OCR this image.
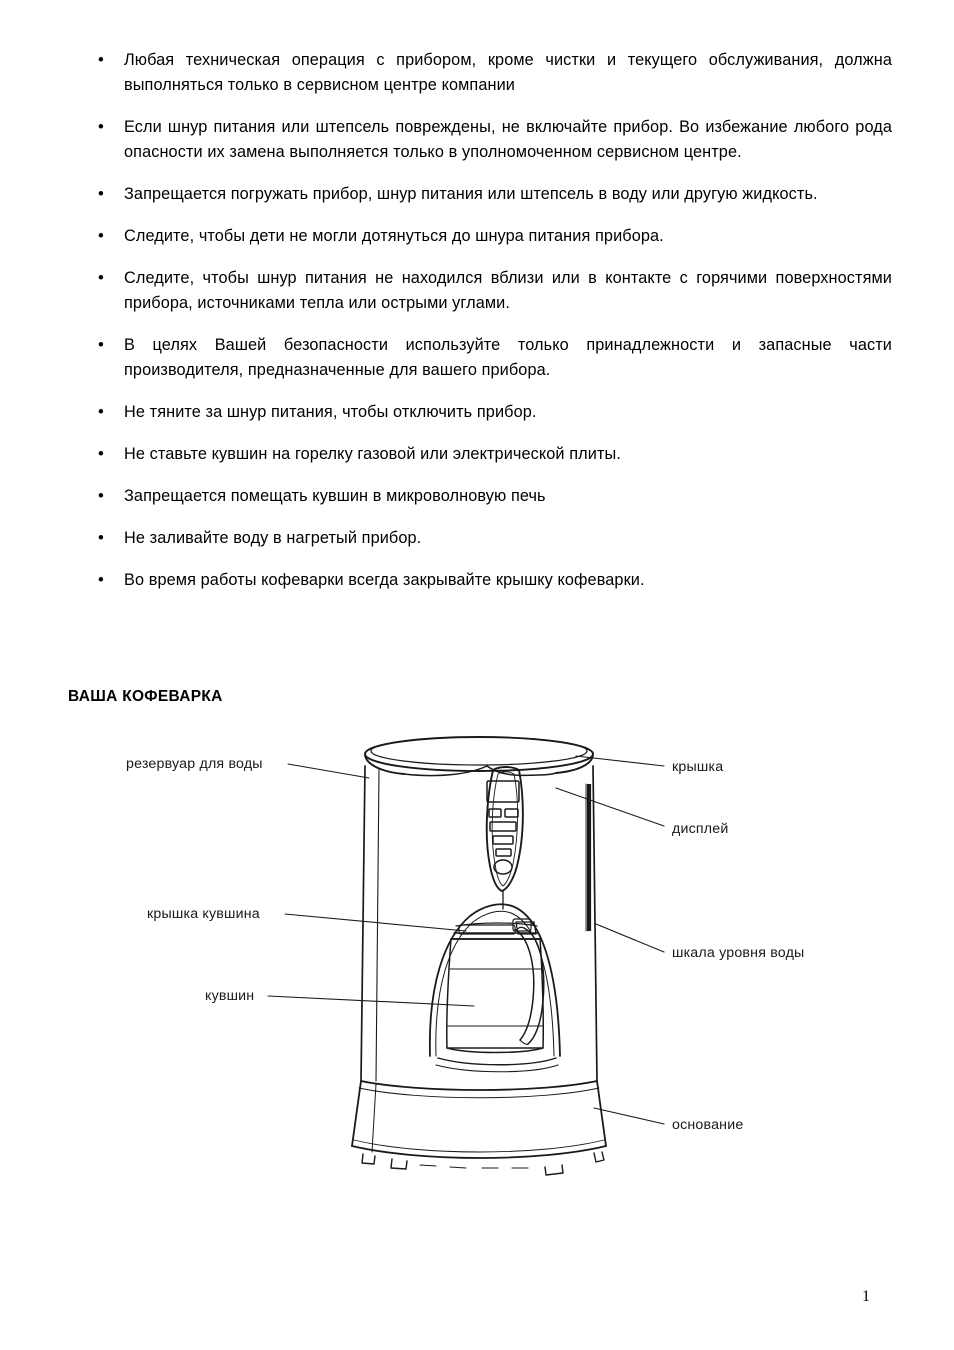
•	Любая техническая операция с прибором, кроме чистки и текущего обслуживания, должна выполняться только в сервисном центре компании
•	Если шнур питания или штепсель повреждены, не включайте прибор. Во избежание любого рода опасности их замена выполняется только в уполномоченном сервисном центре.
•	Запрещается погружать прибор, шнур питания или штепсель в воду или другую жидкость.
•	Следите, чтобы дети не могли дотянуться до шнура питания прибора.
•	Следите, чтобы шнур питания не находился вблизи или в контакте с горячими поверхностями прибора, источниками тепла или острыми углами.
•	В целях Вашей безопасности используйте только принадлежности и запасные части производителя, предназначенные для вашего прибора.
•	Не тяните за шнур питания, чтобы отключить прибор.
•	Не ставьте кувшин на горелку газовой или электрической плиты.
•	Запрещается помещать кувшин в микроволновую печь
•	Не заливайте воду в нагретый прибор.
•	Во время работы кофеварки всегда закрывайте крышку кофеварки.
ВАША КОФЕВАРКА
резервуар для воды	крышка
дисплей
крышка кувшина
шкала уровня воды
кувшин
основание
1
